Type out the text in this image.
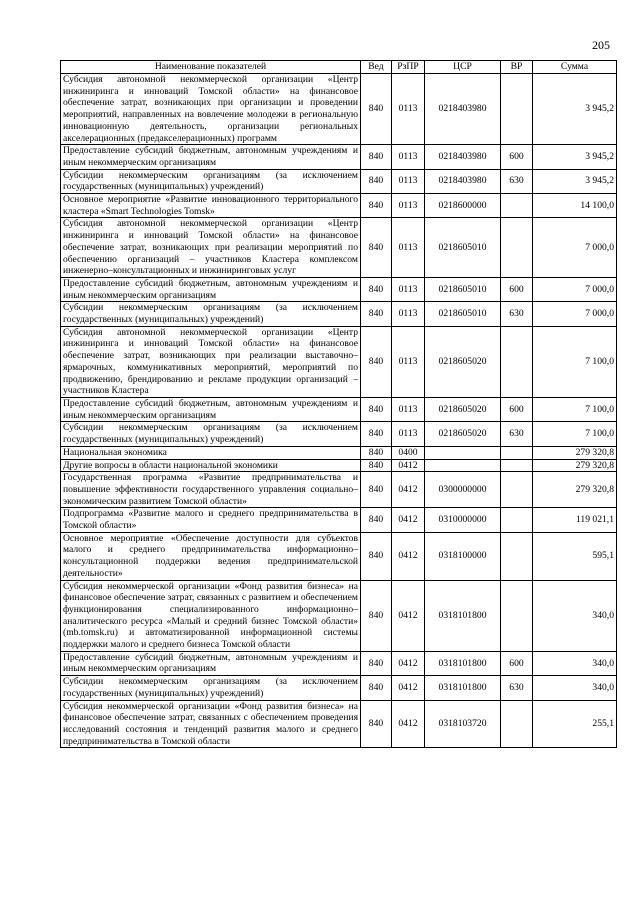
205
Наименование показателей	Вед	РзПР	ЦСР	ВР	Сумма
Субсидия автономной некоммерческой организации «Центр инжиниринга и инноваций Томской области» на финансовое обеспечение затрат, возникающих при организации и проведении мероприятий, направленных на вовлечение молодежи в региональную инновационную деятельность, организации региональных акселерационных (предакселерационных) программ	840	0113	0218403980		3 945,2
Предоставление субсидий бюджетным, автономным учреждениям и иным некоммерческим организациям	840	0113	0218403980	600	3 945,2
Субсидии некоммерческим организациям (за исключением государственных (муниципальных) учреждений)	840	0113	0218403980	630	3 945,2
Основное мероприятие «Развитие инновационного территориального кластера «Smart Technologies Tomsk»	840	0113	0218600000		14 100,0
Субсидия автономной некоммерческой организации «Центр инжиниринга и инноваций Томской области» на финансовое обеспечение затрат, возникающих при реализации мероприятий по обеспечению организаций – участников Кластера комплексом инженерно–консультационных и инжиниринговых услуг	840	0113	0218605010		7 000,0
Предоставление субсидий бюджетным, автономным учреждениям и иным некоммерческим организациям	840	0113	0218605010	600	7 000,0
Субсидии некоммерческим организациям (за исключением государственных (муниципальных) учреждений)	840	0113	0218605010	630	7 000,0
Субсидия автономной некоммерческой организации «Центр инжиниринга и инноваций Томской области» на финансовое обеспечение затрат, возникающих при реализации выставочно–ярмарочных, коммуникативных мероприятий, мероприятий по продвижению, брендированию и рекламе продукции организаций – участников Кластера	840	0113	0218605020		7 100,0
Предоставление субсидий бюджетным, автономным учреждениям и иным некоммерческим организациям	840	0113	0218605020	600	7 100,0
Субсидии некоммерческим организациям (за исключением государственных (муниципальных) учреждений)	840	0113	0218605020	630	7 100,0
Национальная экономика	840	0400			279 320,8
Другие вопросы в области национальной экономики	840	0412			279 320,8
Государственная программа «Развитие предпринимательства и повышение эффективности государственного управления социально–экономическим развитием Томской области»	840	0412	0300000000		279 320,8
Подпрограмма «Развитие малого и среднего предпринимательства в Томской области»	840	0412	0310000000		119 021,1
Основное мероприятие «Обеспечение доступности для субъектов малого и среднего предпринимательства информационно–консультационной поддержки ведения предпринимательской деятельности»	840	0412	0318100000		595,1
Субсидия некоммерческой организации «Фонд развития бизнеса» на финансовое обеспечение затрат, связанных с развитием и обеспечением функционирования специализированного информационно–аналитического ресурса «Малый и средний бизнес Томской области» (mb.tomsk.ru) и автоматизированной информационной системы поддержки малого и среднего бизнеса Томской области	840	0412	0318101800		340,0
Предоставление субсидий бюджетным, автономным учреждениям и иным некоммерческим организациям	840	0412	0318101800	600	340,0
Субсидии некоммерческим организациям (за исключением государственных (муниципальных) учреждений)	840	0412	0318101800	630	340,0
Субсидия некоммерческой организации «Фонд развития бизнеса» на финансовое обеспечение затрат, связанных с обеспечением проведения исследований состояния и тенденций развития малого и среднего предпринимательства в Томской области	840	0412	0318103720		255,1
